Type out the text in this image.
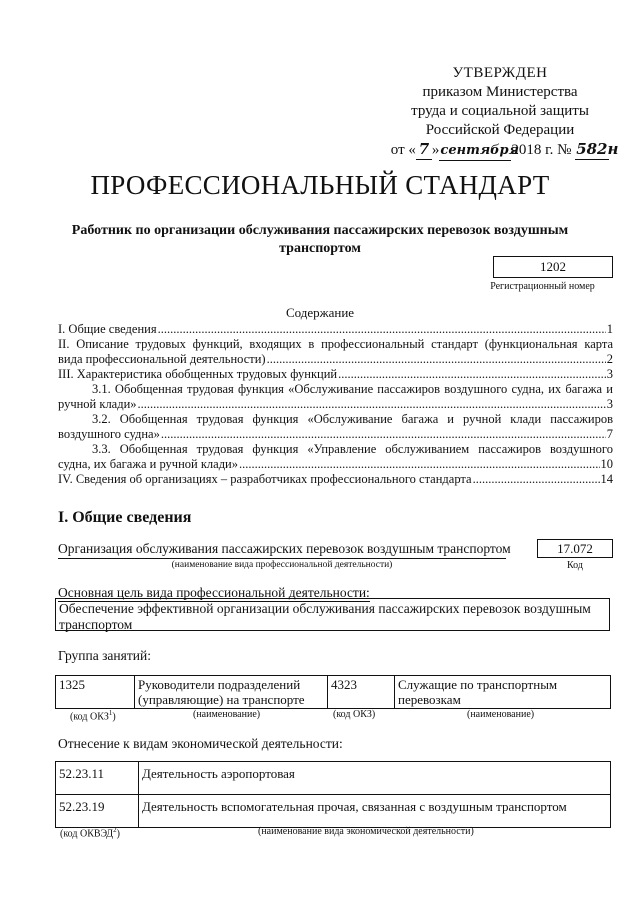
УТВЕРЖДЕН
приказом Министерства
труда и социальной защиты
Российской Федерации
от « 7 »сентября2018 г. № 582н
ПРОФЕССИОНАЛЬНЫЙ СТАНДАРТ
Работник по организации обслуживания пассажирских перевозок воздушным транспортом
1202
Регистрационный номер
Содержание
I. Общие сведения .....	1
II. Описание трудовых функций, входящих в профессиональный стандарт (функциональная карта
вида профессиональной деятельности) .....	2
III. Характеристика обобщенных трудовых функций .....	3
3.1. Обобщенная трудовая функция «Обслуживание пассажиров воздушного судна, их багажа и
ручной клади» .....	3
3.2. Обобщенная трудовая функция «Обслуживание багажа и ручной клади пассажиров
воздушного судна» .....	7
3.3. Обобщенная трудовая функция «Управление обслуживанием пассажиров воздушного
судна, их багажа и ручной клади» .....	10
IV. Сведения об организациях – разработчиках профессионального стандарта .....	14
I. Общие сведения
Организация обслуживания пассажирских перевозок воздушным транспортом
(наименование вида профессиональной деятельности)
17.072
Код
Основная цель вида профессиональной деятельности:
Обеспечение эффективной организации обслуживания пассажирских перевозок воздушным транспортом
Группа занятий:
1325	Руководители подразделений (управляющие) на транспорте	4323	Служащие по транспортным перевозкам
(код ОКЗ$^1$)	(наименование)	(код ОКЗ)	(наименование)
Отнесение к видам экономической деятельности:
52.23.11	Деятельность аэропортовая
52.23.19	Деятельность вспомогательная прочая, связанная с воздушным транспортом
(код ОКВЭД$^2$)	(наименование вида экономической деятельности)
